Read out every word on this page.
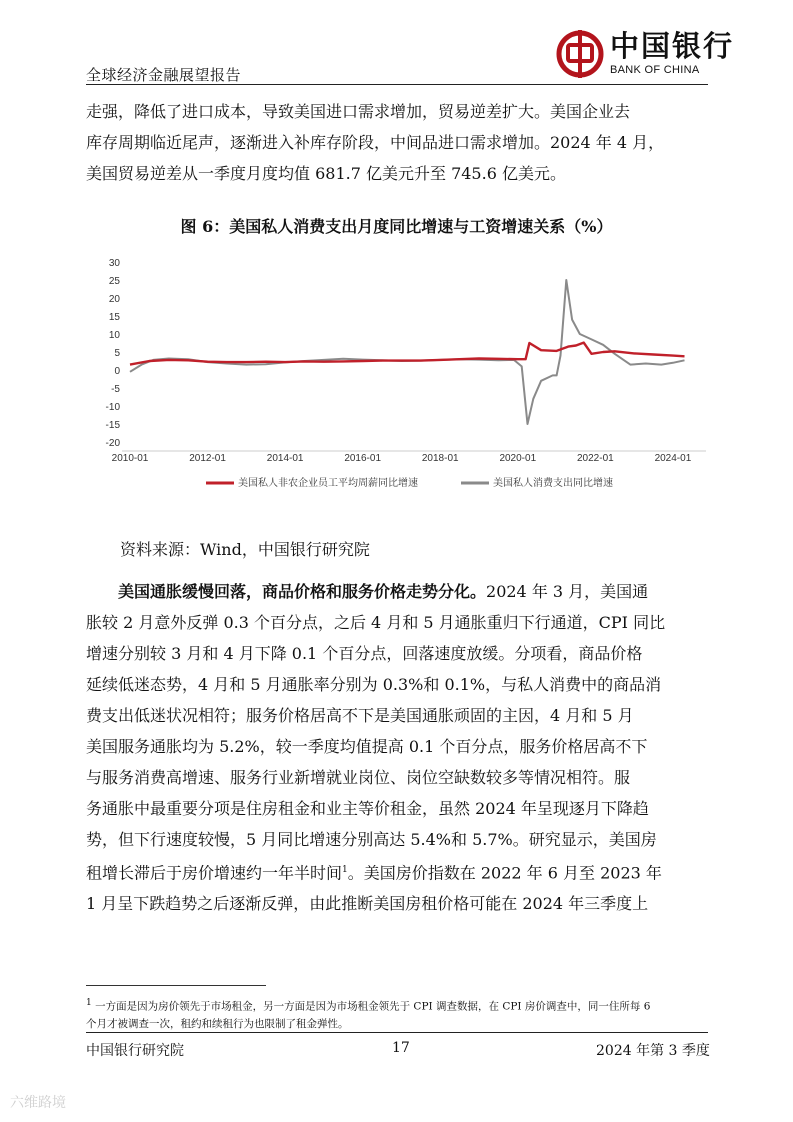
中国银行
BANK OF CHINA
全球经济金融展望报告

走强，降低了进口成本，导致美国进口需求增加，贸易逆差扩大。美国企业去

库存周期临近尾声，逐渐进入补库存阶段，中间品进口需求增加。2024 年 4 月，

美国贸易逆差从一季度月度均值 681.7 亿美元升至 745.6 亿美元。

图 6：美国私人消费支出月度同比增速与工资增速关系（%）
30
25
20
15
10
5
0
-5
-10
-15
-20
2010-01	2012-01	2014-01	2016-01	2018-01	2020-01	2022-01	2024-01
美国私人非农企业员工平均周薪同比增速	美国私人消费支出同比增速
资料来源：Wind，中国银行研究院

  美国通胀缓慢回落，商品价格和服务价格走势分化。2024 年 3 月，美国通

胀较 2 月意外反弹 0.3 个百分点，之后 4 月和 5 月通胀重归下行通道，CPI 同比

增速分别较 3 月和 4 月下降 0.1 个百分点，回落速度放缓。分项看，商品价格

延续低迷态势，4 月和 5 月通胀率分别为 0.3%和 0.1%，与私人消费中的商品消

费支出低迷状况相符；服务价格居高不下是美国通胀顽固的主因，4 月和 5 月

美国服务通胀均为 5.2%，较一季度均值提高 0.1 个百分点，服务价格居高不下

与服务消费高增速、服务行业新增就业岗位、岗位空缺数较多等情况相符。服

务通胀中最重要分项是住房租金和业主等价租金，虽然 2024 年呈现逐月下降趋

势，但下行速度较慢，5 月同比增速分别高达 5.4%和 5.7%。研究显示，美国房

租增长滞后于房价增速约一年半时间$^1$。美国房价指数在 2022 年 6 月至 2023 年

1 月呈下跌趋势之后逐渐反弹，由此推断美国房租价格可能在 2024 年三季度上

$^1$ 一方面是因为房价领先于市场租金，另一方面是因为市场租金领先于 CPI 调查数据，在 CPI 房价调查中，同一住所每 6

个月才被调查一次，租约和续租行为也限制了租金弹性。

中国银行研究院	17	2024 年第 3 季度
六维路境
